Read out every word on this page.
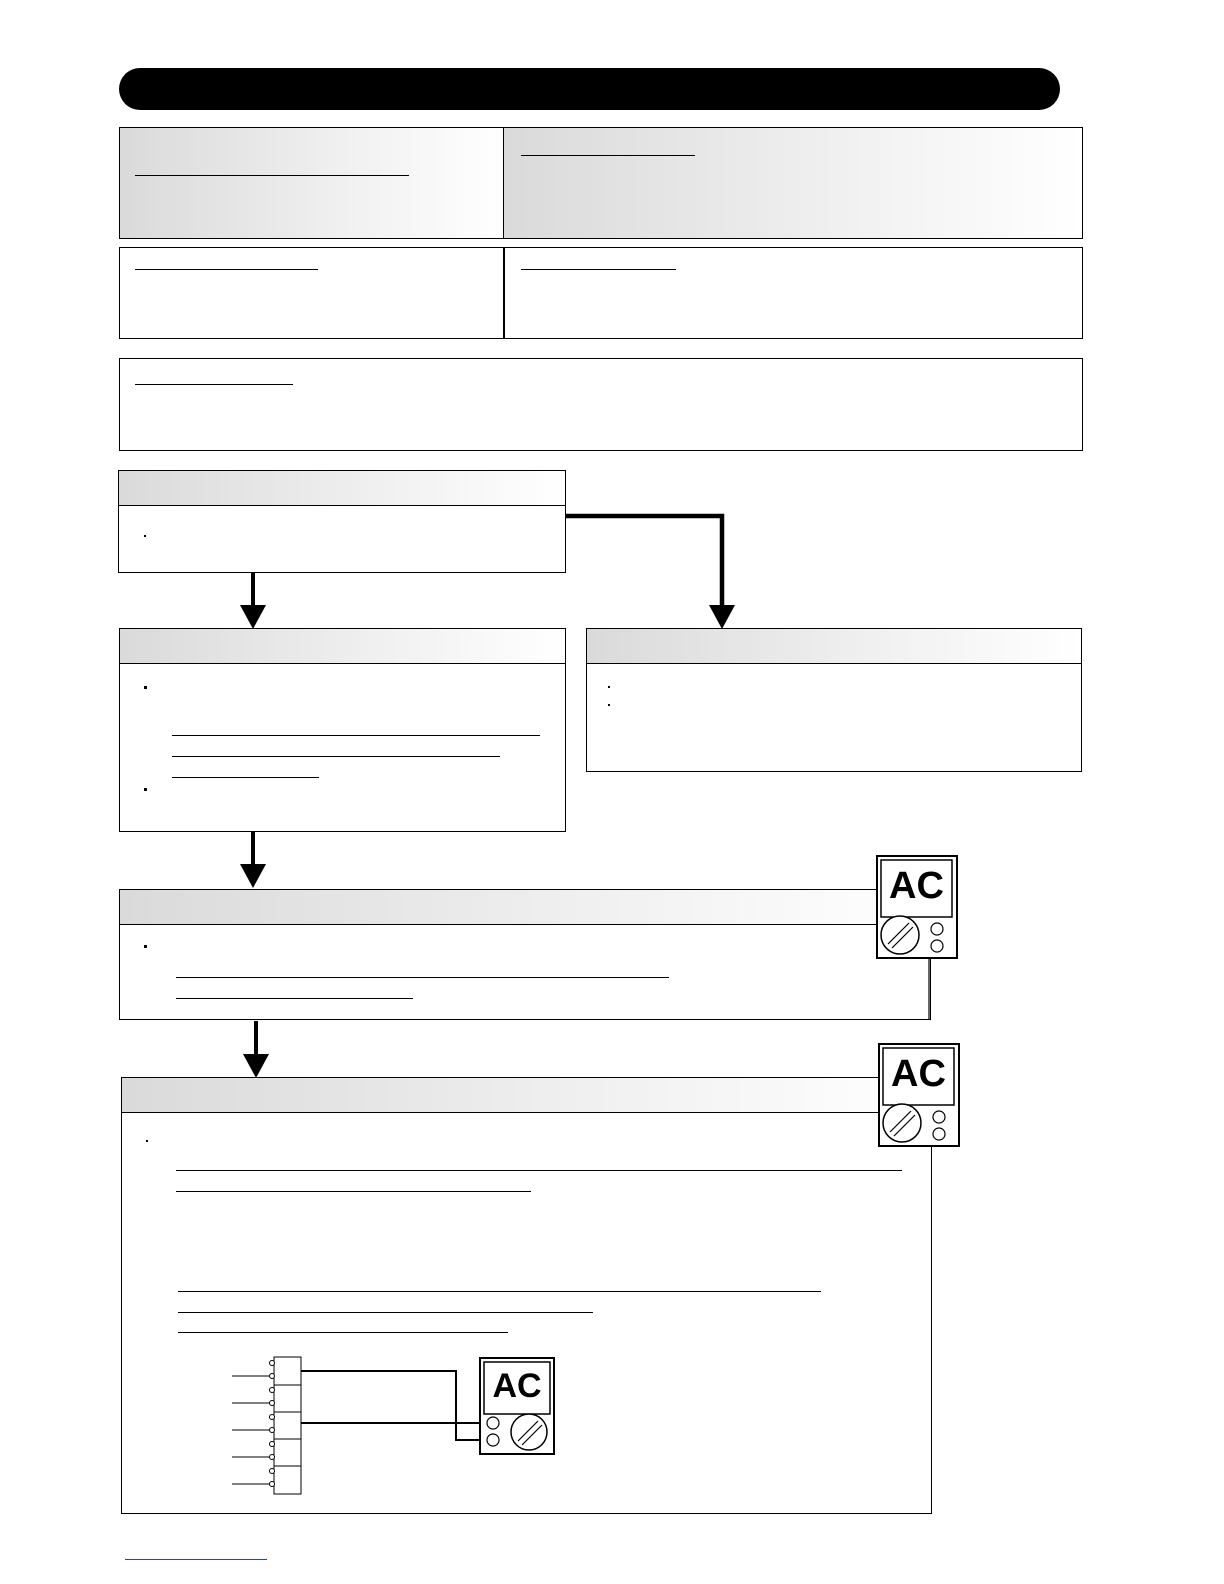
AC
AC
AC
